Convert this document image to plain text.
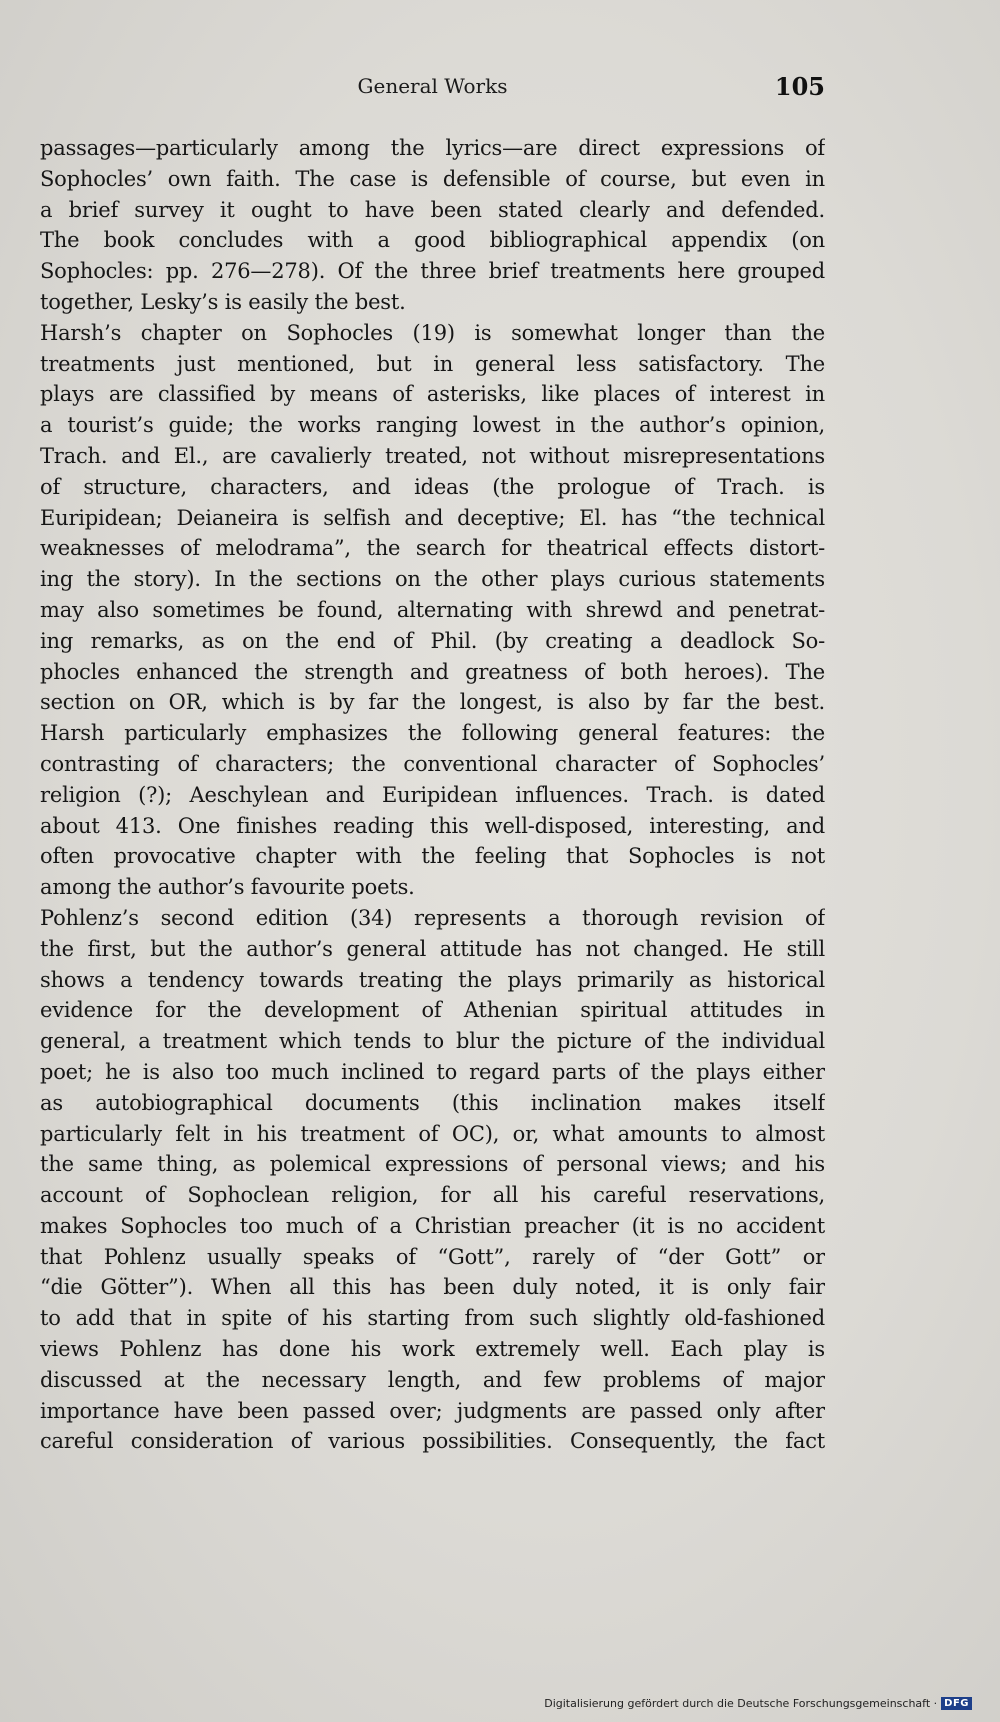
General Works	105
passages—particularly among the lyrics—are direct expressions of
Sophocles’ own faith. The case is defensible of course, but even in
a brief survey it ought to have been stated clearly and defended.
The book concludes with a good bibliographical appendix (on
Sophocles: pp. 276—278). Of the three brief treatments here grouped
together, Lesky’s is easily the best.
Harsh’s chapter on Sophocles (19) is somewhat longer than the
treatments just mentioned, but in general less satisfactory. The
plays are classified by means of asterisks, like places of interest in
a tourist’s guide; the works ranging lowest in the author’s opinion,
Trach. and El., are cavalierly treated, not without misrepresentations
of structure, characters, and ideas (the prologue of Trach. is
Euripidean; Deianeira is selfish and deceptive; El. has “the technical
weaknesses of melodrama”, the search for theatrical effects distort-
ing the story). In the sections on the other plays curious statements
may also sometimes be found, alternating with shrewd and penetrat-
ing remarks, as on the end of Phil. (by creating a deadlock So-
phocles enhanced the strength and greatness of both heroes). The
section on OR, which is by far the longest, is also by far the best.
Harsh particularly emphasizes the following general features: the
contrasting of characters; the conventional character of Sophocles’
religion (?); Aeschylean and Euripidean influences. Trach. is dated
about 413. One finishes reading this well-disposed, interesting, and
often provocative chapter with the feeling that Sophocles is not
among the author’s favourite poets.
Pohlenz’s second edition (34) represents a thorough revision of
the first, but the author’s general attitude has not changed. He still
shows a tendency towards treating the plays primarily as historical
evidence for the development of Athenian spiritual attitudes in
general, a treatment which tends to blur the picture of the individual
poet; he is also too much inclined to regard parts of the plays either
as autobiographical documents (this inclination makes itself
particularly felt in his treatment of OC), or, what amounts to almost
the same thing, as polemical expressions of personal views; and his
account of Sophoclean religion, for all his careful reservations,
makes Sophocles too much of a Christian preacher (it is no accident
that Pohlenz usually speaks of “Gott”, rarely of “der Gott” or
“die Götter”). When all this has been duly noted, it is only fair
to add that in spite of his starting from such slightly old-fashioned
views Pohlenz has done his work extremely well. Each play is
discussed at the necessary length, and few problems of major
importance have been passed over; judgments are passed only after
careful consideration of various possibilities. Consequently, the fact
Digitalisierung gefördert durch die Deutsche Forschungsgemeinschaft · DFG
